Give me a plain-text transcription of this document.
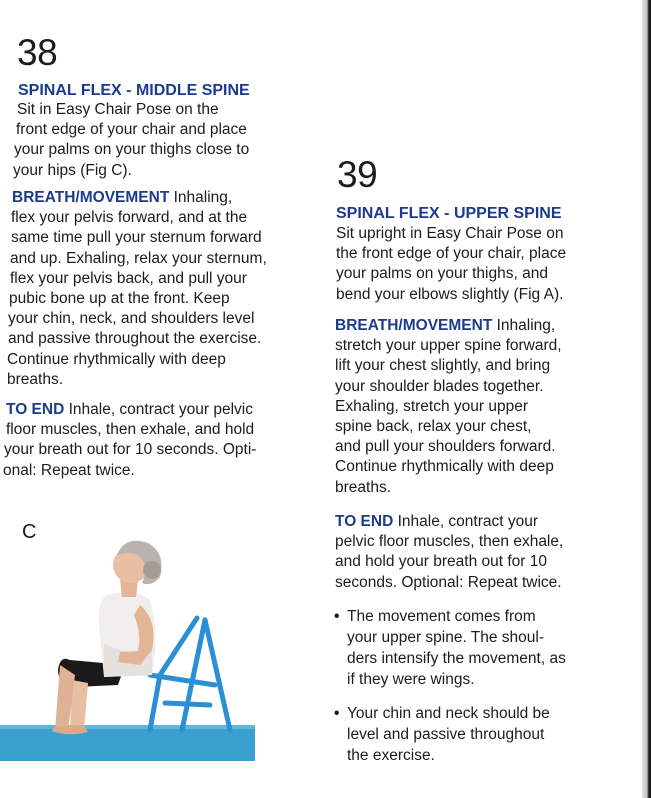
38
SPINAL FLEX - MIDDLE SPINE
Sit in Easy Chair Pose on the
front edge of your chair and place
your palms on your thighs close to
your hips (Fig C).
BREATH/MOVEMENT Inhaling,
flex your pelvis forward, and at the
same time pull your sternum forward
and up. Exhaling, relax your sternum,
flex your pelvis back, and pull your
pubic bone up at the front. Keep
your chin, neck, and shoulders level
and passive throughout the exercise.
Continue rhythmically with deep
breaths.
TO END Inhale, contract your pelvic
floor muscles, then exhale, and hold
your breath out for 10 seconds. Opti-
onal: Repeat twice.
C
39
SPINAL FLEX - UPPER SPINE
Sit upright in Easy Chair Pose on
the front edge of your chair, place
your palms on your thighs, and
bend your elbows slightly (Fig A).
BREATH/MOVEMENT Inhaling,
stretch your upper spine forward,
lift your chest slightly, and bring
your shoulder blades together.
Exhaling, stretch your upper
spine back, relax your chest,
and pull your shoulders forward.
Continue rhythmically with deep
breaths.
TO END Inhale, contract your
pelvic floor muscles, then exhale,
and hold your breath out for 10
seconds. Optional: Repeat twice.
• The movement comes from
your upper spine. The shoul-
ders intensify the movement, as
if they were wings.
• Your chin and neck should be
level and passive throughout
the exercise.
